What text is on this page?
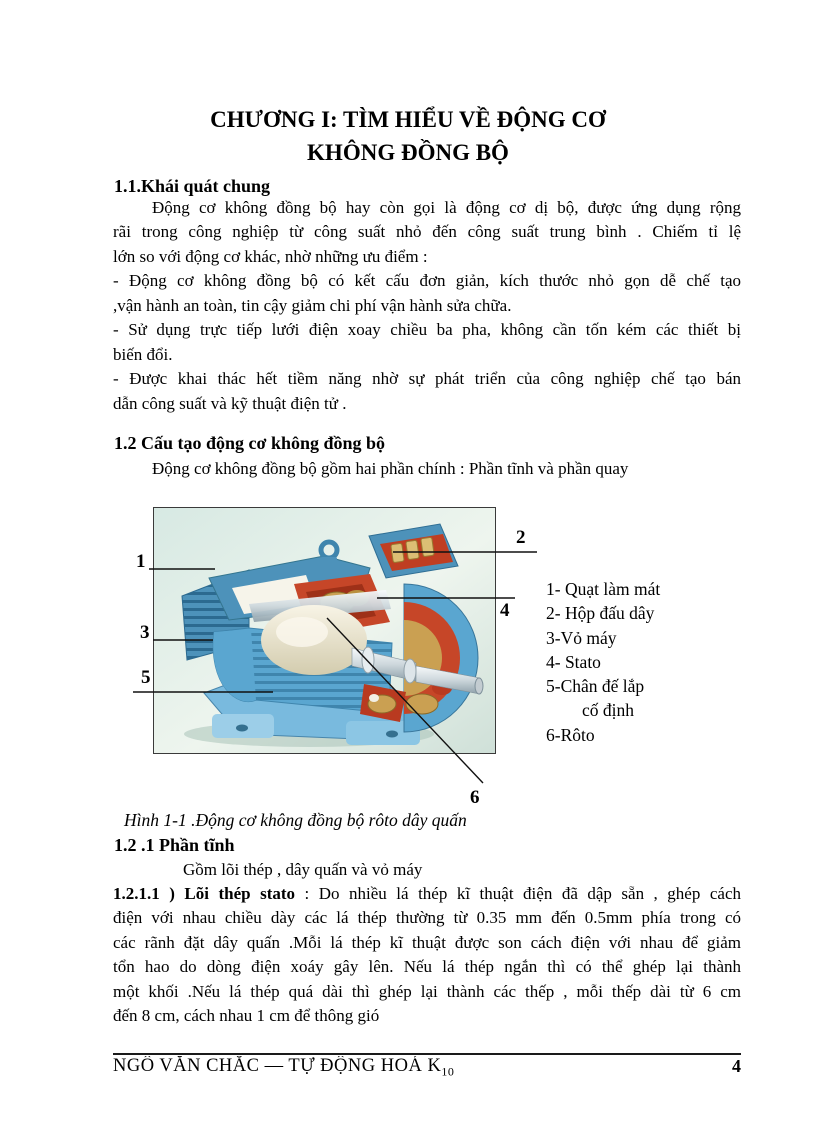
CHƯƠNG I: TÌM HIỂU VỀ ĐỘNG CƠ
KHÔNG ĐỒNG BỘ
1.1.Khái quát chung
Động cơ không đồng bộ hay còn gọi là động cơ dị bộ, được ứng dụng rộng
rãi trong công nghiệp từ công suất nhỏ đến công suất trung bình . Chiếm tỉ lệ
lớn so với động cơ khác, nhờ những ưu điểm :
- Động cơ không đồng bộ có kết cấu đơn giản, kích thước nhỏ gọn dễ chế tạo
,vận hành an toàn, tin cậy giảm chi phí vận hành sửa chữa.
- Sử dụng trực tiếp lưới điện xoay chiều ba pha, không cần tốn kém các thiết bị
biến đổi.
- Được khai thác hết tiềm năng nhờ sự phát triển của công nghiệp chế tạo bán
dẫn công suất và kỹ thuật điện tử .
1.2 Cấu tạo động cơ không đồng bộ
Động cơ không đồng bộ gồm hai phần chính : Phần tĩnh và phần quay
1
2
3
4
5
6
1- Quạt làm mát
2- Hộp đấu dây
3-Vỏ máy
4- Stato
5-Chân đế lắp
cố định
6-Rôto
Hình 1-1 .Động cơ không đồng bộ rôto dây quấn
1.2 .1 Phần tĩnh
Gồm lõi thép , dây quấn và vỏ máy
1.2.1.1 ) Lõi thép stato : Do nhiều lá thép kĩ thuật điện đã dập sẵn , ghép cách
điện với nhau chiều dày các lá thép thường từ 0.35 mm đến 0.5mm phía trong có
các rãnh đặt dây quấn .Mỗi lá thép kĩ thuật được son cách điện với nhau để giảm
tổn hao do dòng điện xoáy gây lên. Nếu lá thép ngắn thì có thể ghép lại thành
một khối .Nếu lá thép quá dài thì ghép lại thành các thếp , mỗi thếp dài từ 6 cm
đến 8 cm, cách nhau 1 cm để thông gió
NGÔ VĂN CHẮC — TỰ ĐỘNG HOÁ $K_{10}$	4
